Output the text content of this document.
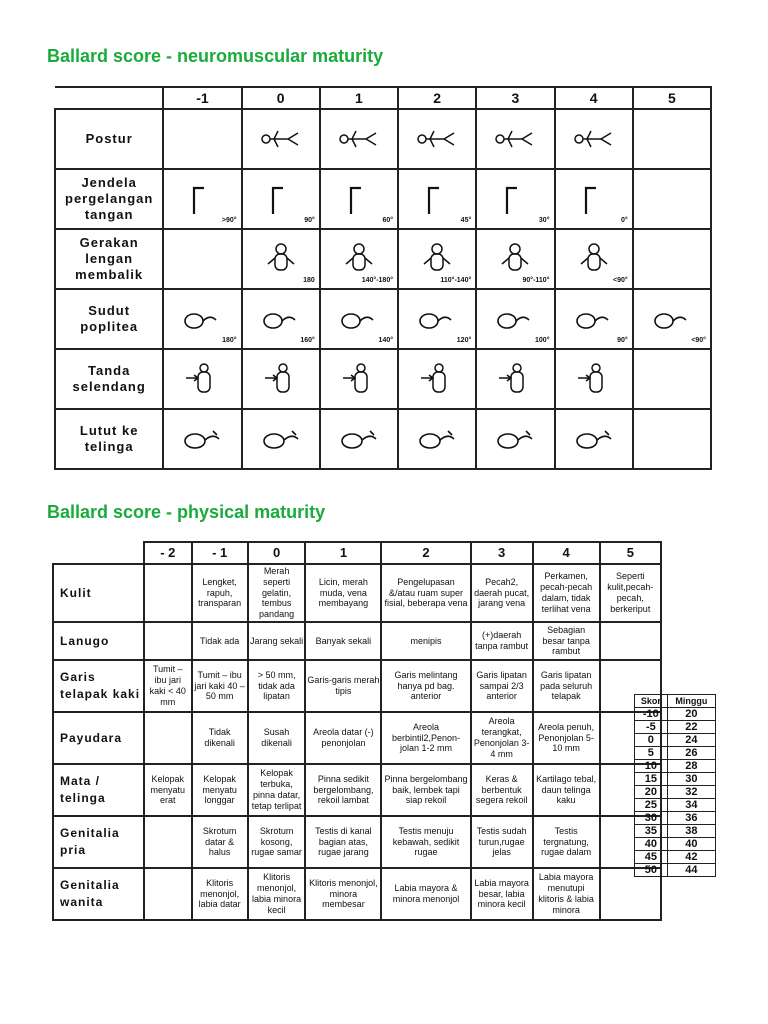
Ballard score - neuromuscular maturity
	-1	0	1	2	3	4	5
Postur		

Jendela pergelangan tangan	>90°	90°	60°	45°	30°	0°	

Gerakan lengan membalik		180	140°-180°	110°-140°	90°-110°	<90°	

Sudut poplitea	180°	160°	140°	120°	100°	90°	<90°

Tanda selendang	

Lutut ke telinga	

Ballard score - physical maturity
	- 2	- 1	0	1	2	3	4	5
Kulit		Lengket, rapuh, transparan	Merah seperti gelatin, tembus pandang	Licin, merah muda, vena membayang	Pengelupasan &/atau ruam super fisial, beberapa vena	Pecah2, daerah pucat, jarang vena	Perkamen, pecah-pecah dalam, tidak terlihat vena	Seperti kulit,pecah-pecah, berkeriput
Lanugo		Tidak ada	Jarang sekali	Banyak sekali	menipis	(+)daerah tanpa rambut	Sebagian besar tanpa rambut	
Garis telapak kaki	Tumit – ibu jari kaki < 40 mm	Tumit – ibu jari kaki 40 –50 mm	> 50 mm, tidak ada lipatan	Garis-garis merah tipis	Garis melintang hanya pd bag. anterior	Garis lipatan sampai 2/3 anterior	Garis lipatan pada seluruh telapak	
Payudara		Tidak dikenali	Susah dikenali	Areola datar (-) penonjolan	Areola berbintil2,Penon- jolan 1-2 mm	Areola terangkat, Penonjolan 3-4 mm	Areola penuh, Penonjolan 5- 10 mm	
Mata / telinga	Kelopak menyatu erat	Kelopak menyatu longgar	Kelopak terbuka, pinna datar, tetap terlipat	Pinna sedikit bergelombang, rekoil lambat	Pinna bergelombang baik, lembek tapi siap rekoil	Keras & berbentuk segera rekoil	Kartilago tebal, daun telinga kaku	
Genitalia pria		Skrotum datar & halus	Skrotum kosong, rugae samar	Testis di kanal bagian atas, rugae jarang	Testis menuju kebawah, sedikit rugae	Testis sudah turun,rugae jelas	Testis tergnatung, rugae dalam	
Genitalia wanita		Klitoris menonjol, labia datar	Klitoris menonjol, labia minora kecil	Klitoris menonjol, minora membesar	Labia mayora & minora menonjol	Labia mayora besar, labia minora kecil	Labia mayora menutupi klitoris & labia minora	
Skor	Minggu
-10	20
-5	22
0	24
5	26
10	28
15	30
20	32
25	34
30	36
35	38
40	40
45	42
50	44
